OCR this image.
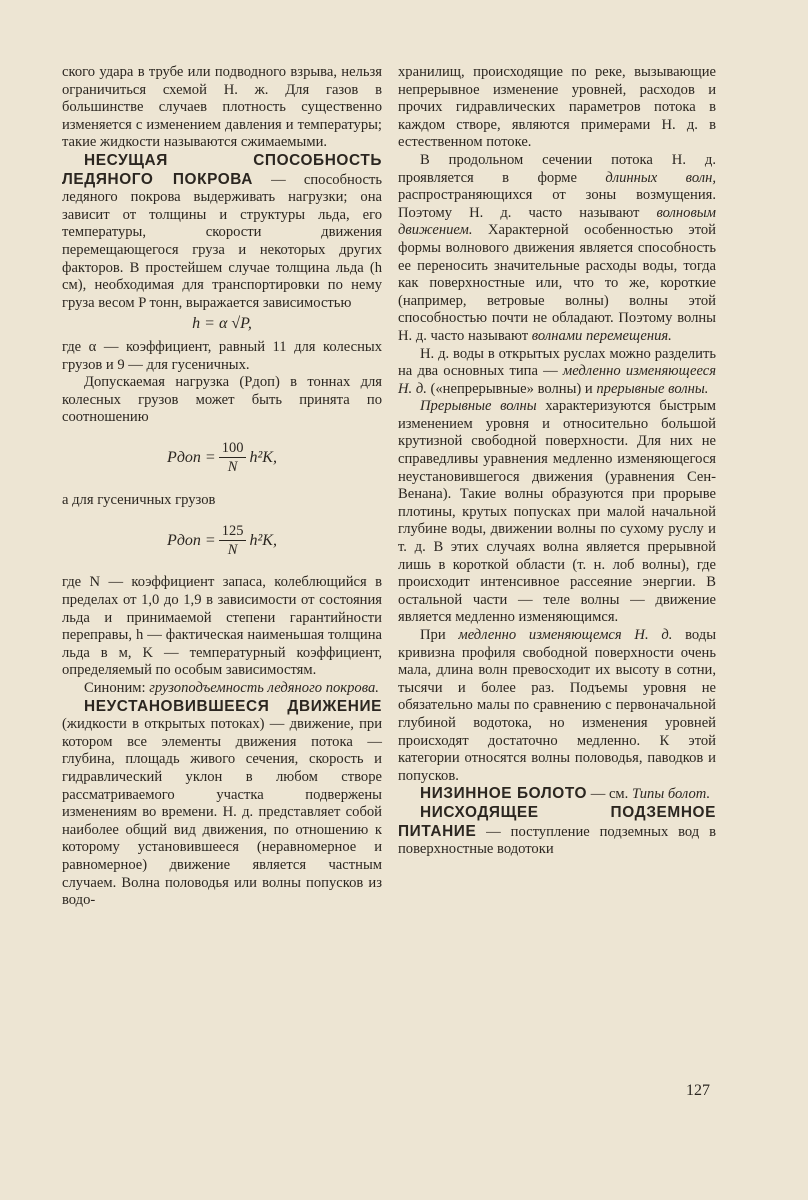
ского удара в трубе или подводного взрыва, нельзя ограничиться схемой Н. ж. Для газов в большинстве случаев плотность существенно изменяется с изменением давления и температуры; такие жидкости называются сжимаемыми.

НЕСУЩАЯ СПОСОБНОСТЬ ЛЕДЯНОГО ПОКРОВА — способность ледяного покрова выдерживать нагрузки; она зависит от толщины и структуры льда, его температуры, скорости движения перемещающегося груза и некоторых других факторов. В простейшем случае толщина льда (h см), необходимая для транспортировки по нему груза весом P тонн, выражается зависимостью

h = α √P,

где α — коэффициент, равный 11 для колесных грузов и 9 — для гусеничных.

Допускаемая нагрузка (Pдоп) в тоннах для колесных грузов может быть принята по соотношению

Pдоп = $\frac{100}{N} h^2K$,

а для гусеничных грузов

Pдоп = $\frac{125}{N} h^2K$,

где N — коэффициент запаса, колеблющийся в пределах от 1,0 до 1,9 в зависимости от состояния льда и принимаемой степени гарантийности переправы, h — фактическая наименьшая толщина льда в м, K — температурный коэффициент, определяемый по особым зависимостям.

Синоним: грузоподъемность ледяного покрова.

НЕУСТАНОВИВШЕЕСЯ ДВИЖЕНИЕ (жидкости в открытых потоках) — движение, при котором все элементы движения потока — глубина, площадь живого сечения, скорость и гидравлический уклон в любом створе рассматриваемого участка подвержены изменениям во времени. Н. д. представляет собой наиболее общий вид движения, по отношению к которому установившееся (неравномерное и равномерное) движение является частным случаем. Волна половодья или волны попусков из водо-

хранилищ, происходящие по реке, вызывающие непрерывное изменение уровней, расходов и прочих гидравлических параметров потока в каждом створе, являются примерами Н. д. в естественном потоке.

В продольном сечении потока Н. д. проявляется в форме длинных волн, распространяющихся от зоны возмущения. Поэтому Н. д. часто называют волновым движением. Характерной особенностью этой формы волнового движения является способность ее переносить значительные расходы воды, тогда как поверхностные или, что то же, короткие (например, ветровые волны) волны этой способностью почти не обладают. Поэтому волны Н. д. часто называют волнами перемещения.

Н. д. воды в открытых руслах можно разделить на два основных типа — медленно изменяющееся Н. д. («непрерывные» волны) и прерывные волны.

Прерывные волны характеризуются быстрым изменением уровня и относительно большой крутизной свободной поверхности. Для них не справедливы уравнения медленно изменяющегося неустановившегося движения (уравнения Сен-Венана). Такие волны образуются при прорыве плотины, крутых попусках при малой начальной глубине воды, движении волны по сухому руслу и т. д. В этих случаях волна является прерывной лишь в короткой области (т. н. лоб волны), где происходит интенсивное рассеяние энергии. В остальной части — теле волны — движение является медленно изменяющимся.

При медленно изменяющемся Н. д. воды кривизна профиля свободной поверхности очень мала, длина волн превосходит их высоту в сотни, тысячи и более раз. Подъемы уровня не обязательно малы по сравнению с первоначальной глубиной водотока, но изменения уровней происходят достаточно медленно. К этой категории относятся волны половодья, паводков и попусков.

НИЗИННОЕ БОЛОТО — см. Типы болот.

НИСХОДЯЩЕЕ ПОДЗЕМНОЕ ПИТАНИЕ — поступление подземных вод в поверхностные водотоки

127
